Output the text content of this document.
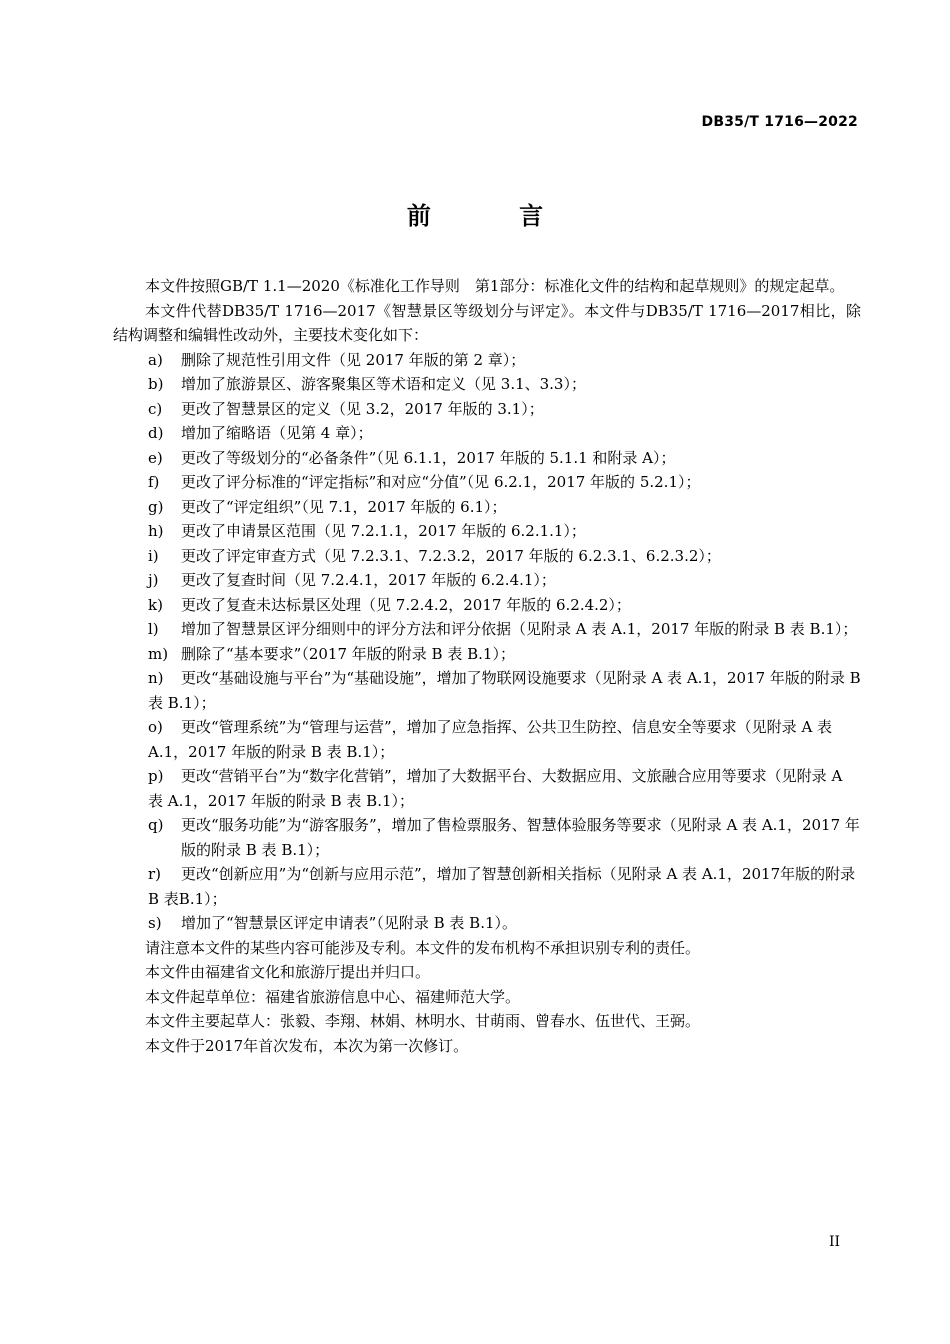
DB35/T 1716—2022
前 言
本文件按照GB/T 1.1—2020《标准化工作导则　第1部分：标准化文件的结构和起草规则》的规定起草。
本文件代替DB35/T 1716—2017《智慧景区等级划分与评定》。本文件与DB35/T 1716—2017相比，除结构调整和编辑性改动外，主要技术变化如下：
a)	删除了规范性引用文件（见 2017 年版的第 2 章）；
b)	增加了旅游景区、游客聚集区等术语和定义（见 3.1、3.3）；
c)	更改了智慧景区的定义（见 3.2，2017 年版的 3.1）；
d)	增加了缩略语（见第 4 章）；
e)	更改了等级划分的“必备条件”（见 6.1.1，2017 年版的 5.1.1 和附录 A）；
f)	更改了评分标准的“评定指标”和对应“分值”（见 6.2.1，2017 年版的 5.2.1）；
g)	更改了“评定组织”（见 7.1，2017 年版的 6.1）；
h)	更改了申请景区范围（见 7.2.1.1，2017 年版的 6.2.1.1）；
i)	更改了评定审查方式（见 7.2.3.1、7.2.3.2，2017 年版的 6.2.3.1、6.2.3.2）；
j)	更改了复查时间（见 7.2.4.1，2017 年版的 6.2.4.1）；
k)	更改了复查未达标景区处理（见 7.2.4.2，2017 年版的 6.2.4.2）；
l)	增加了智慧景区评分细则中的评分方法和评分依据（见附录 A 表 A.1，2017 年版的附录 B 表 B.1）；
m) 删除了“基本要求”（2017 年版的附录 B 表 B.1）；
n)	更改“基础设施与平台”为“基础设施”，增加了物联网设施要求（见附录 A 表 A.1，2017 年版的附录 B 表 B.1）；
o)	更改“管理系统”为“管理与运营”，增加了应急指挥、公共卫生防控、信息安全等要求（见附录 A 表 A.1，2017 年版的附录 B 表 B.1）；
p)	更改“营销平台”为“数字化营销”，增加了大数据平台、大数据应用、文旅融合应用等要求（见附录 A 表 A.1，2017 年版的附录 B 表 B.1）；
q)	更改“服务功能”为“游客服务”，增加了售检票服务、智慧体验服务等要求（见附录 A 表 A.1，2017 年版的附录 B 表 B.1）；
r)	更改“创新应用”为“创新与应用示范”，增加了智慧创新相关指标（见附录 A 表 A.1，2017年版的附录 B 表B.1）；
s)	增加了“智慧景区评定申请表”（见附录 B 表 B.1）。
请注意本文件的某些内容可能涉及专利。本文件的发布机构不承担识别专利的责任。
本文件由福建省文化和旅游厅提出并归口。
本文件起草单位：福建省旅游信息中心、福建师范大学。
本文件主要起草人：张毅、李翔、林娟、林明水、甘萌雨、曾春水、伍世代、王弼。
本文件于2017年首次发布，本次为第一次修订。
II
